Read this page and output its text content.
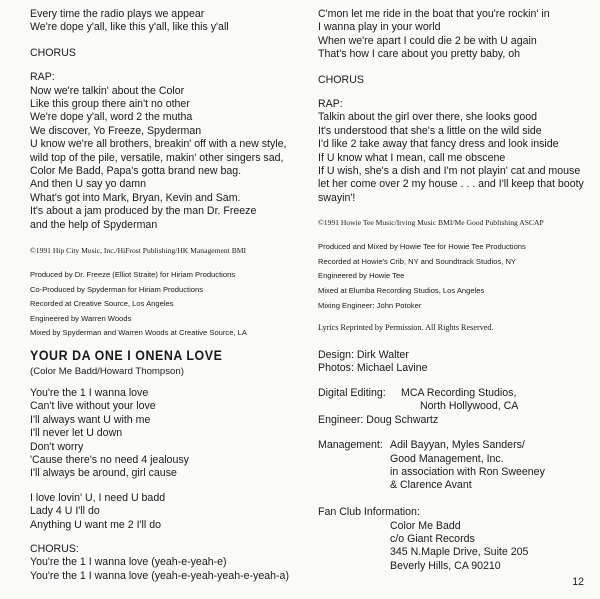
Every time the radio plays we appear
We're dope y'all, like this y'all, like this y'all
CHORUS
RAP:
Now we're talkin' about the Color
Like this group there ain't no other
We're dope y'all, word 2 the mutha
We discover, Yo Freeze, Spyderman
U know we're all brothers, breakin' off with a new style,
wild top of the pile, versatile, makin' other singers sad,
Color Me Badd, Papa's gotta brand new bag.
And then U say yo damn
What's got into Mark, Bryan, Kevin and Sam.
It's about a jam produced by the man Dr. Freeze
and the help of Spyderman
©1991 Hip City Music, Inc./HiFrost Publishing/HK Management BMI
Produced by Dr. Freeze (Elliot Straite) for Hiriam Productions
Co-Produced by Spyderman for Hiriam Productions
Recorded at Creative Source, Los Angeles
Engineered by Warren Woods
Mixed by Spyderman and Warren Woods at Creative Source, LA
C'mon let me ride in the boat that you're rockin' in
I wanna play in your world
When we're apart I could die 2 be with U again
That's how I care about you pretty baby, oh
CHORUS
RAP:
Talkin about the girl over there, she looks good
It's understood that she's a little on the wild side
I'd like 2 take away that fancy dress and look inside
If U know what I mean, call me obscene
If U wish, she's a dish and I'm not playin' cat and mouse
let her come over 2 my house . . . and I'll keep that booty
swayin'!
©1991 Howie Tee Music/Irving Music BMI/Me Good Publishing ASCAP
Produced and Mixed by Howie Tee for Howie Tee Productions
Recorded at Howie's Crib, NY and Soundtrack Studios, NY
Engineered by Howie Tee
Mixed at Elumba Recording Studios, Los Angeles
Mixing Engineer: John Potoker
Lyrics Reprinted by Permission. All Rights Reserved.
YOUR DA ONE I ONENA LOVE
(Color Me Badd/Howard Thompson)
You're the 1 I wanna love
Can't live without your love
I'll always want U with me
I'll never let U down
Don't worry
'Cause there's no need 4 jealousy
I'll always be around, girl cause
I love lovin' U, I need U badd
Lady 4 U I'll do
Anything U want me 2 I'll do
CHORUS:
You're the 1 I wanna love (yeah-e-yeah-e)
You're the 1 I wanna love (yeah-e-yeah-yeah-e-yeah-a)
Design: Dirk Walter
Photos: Michael Lavine
Digital Editing: MCA Recording Studios,
North Hollywood, CA
Engineer: Doug Schwartz
Management: Adil Bayyan, Myles Sanders/
Good Management, Inc.
in association with Ron Sweeney
& Clarence Avant
Fan Club Information:
Color Me Badd
c/o Giant Records
345 N.Maple Drive, Suite 205
Beverly Hills, CA 90210
12
